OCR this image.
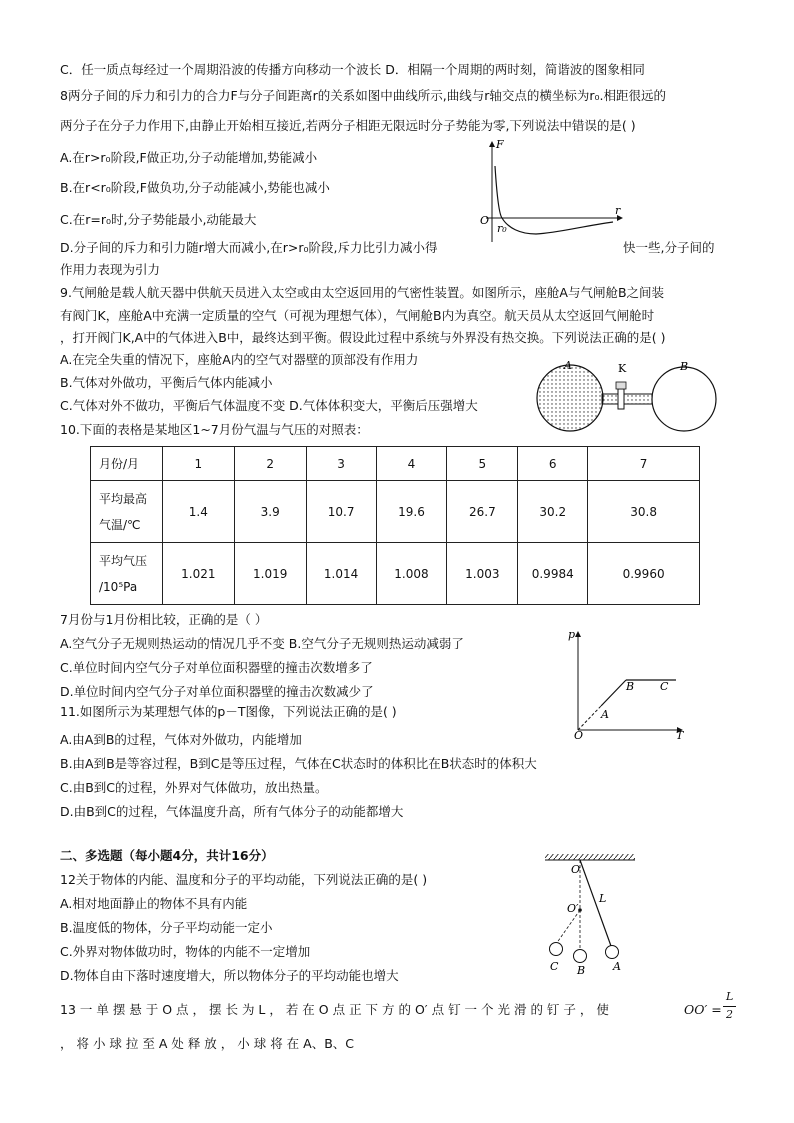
C．任一质点每经过一个周期沿波的传播方向移动一个波长 D．相隔一个周期的两时刻，简谐波的图象相同
8两分子间的斥力和引力的合力F与分子间距离r的关系如图中曲线所示,曲线与r轴交点的横坐标为r₀.相距很远的
两分子在分子力作用下,由静止开始相互接近,若两分子相距无限远时分子势能为零,下列说法中错误的是( )
A.在r>r₀阶段,F做正功,分子动能增加,势能减小
B.在r<r₀阶段,F做负功,分子动能减小,势能也减小
C.在r=r₀时,分子势能最小,动能最大
D.分子间的斥力和引力随r增大而减小,在r>r₀阶段,斥力比引力减小得	快一些,分子间的
作用力表现为引力
9.气闸舱是载人航天器中供航天员进入太空或由太空返回用的气密性装置。如图所示，座舱A与气闸舱B之间装
有阀门K，座舱A中充满一定质量的空气（可视为理想气体），气闸舱B内为真空。航天员从太空返回气闸舱时
，打开阀门K,A中的气体进入B中，最终达到平衡。假设此过程中系统与外界没有热交换。下列说法正确的是( )
A.在完全失重的情况下，座舱A内的空气对器壁的顶部没有作用力
B.气体对外做功，平衡后气体内能减小
C.气体对外不做功，平衡后气体温度不变 D.气体体积变大，平衡后压强增大
10.下面的表格是某地区1~7月份气温与气压的对照表：
月份/月	1	2	3	4	5	6	7

平均最高
气温/℃	1.4	3.9	10.7	19.6	26.7	30.2	30.8

平均气压
/10⁵Pa	1.021	1.019	1.014	1.008	1.003	0.9984	0.9960
7月份与1月份相比较，正确的是（ ）
A.空气分子无规则热运动的情况几乎不变 B.空气分子无规则热运动减弱了
C.单位时间内空气分子对单位面积器壁的撞击次数增多了
D.单位时间内空气分子对单位面积器壁的撞击次数减少了
11.如图所示为某理想气体的p－T图像，下列说法正确的是( )
A.由A到B的过程，气体对外做功，内能增加
B.由A到B是等容过程，B到C是等压过程，气体在C状态时的体积比在B状态时的体积大
C.由B到C的过程，外界对气体做功，放出热量。
D.由B到C的过程，气体温度升高，所有气体分子的动能都增大
二、多选题（每小题4分，共计16分）
12关于物体的内能、温度和分子的平均动能，下列说法正确的是( )
A.相对地面静止的物体不具有内能
B.温度低的物体，分子平均动能一定小
C.外界对物体做功时，物体的内能不一定增加
D.物体自由下落时速度增大，所以物体分子的平均动能也增大
13 一 单 摆 悬 于 O 点 ， 摆 长 为 L ， 若 在 O 点 正 下 方 的 O′ 点 钉 一 个 光 滑 的 钉 子 ， 使	OO′ =
L
2
， 将 小 球 拉 至 A 处 释 放 ， 小 球 将 在 A、B、C
F
O
r₀
r
A	K	B
p
O	T
A
B C
O
O′
L
C B	A
